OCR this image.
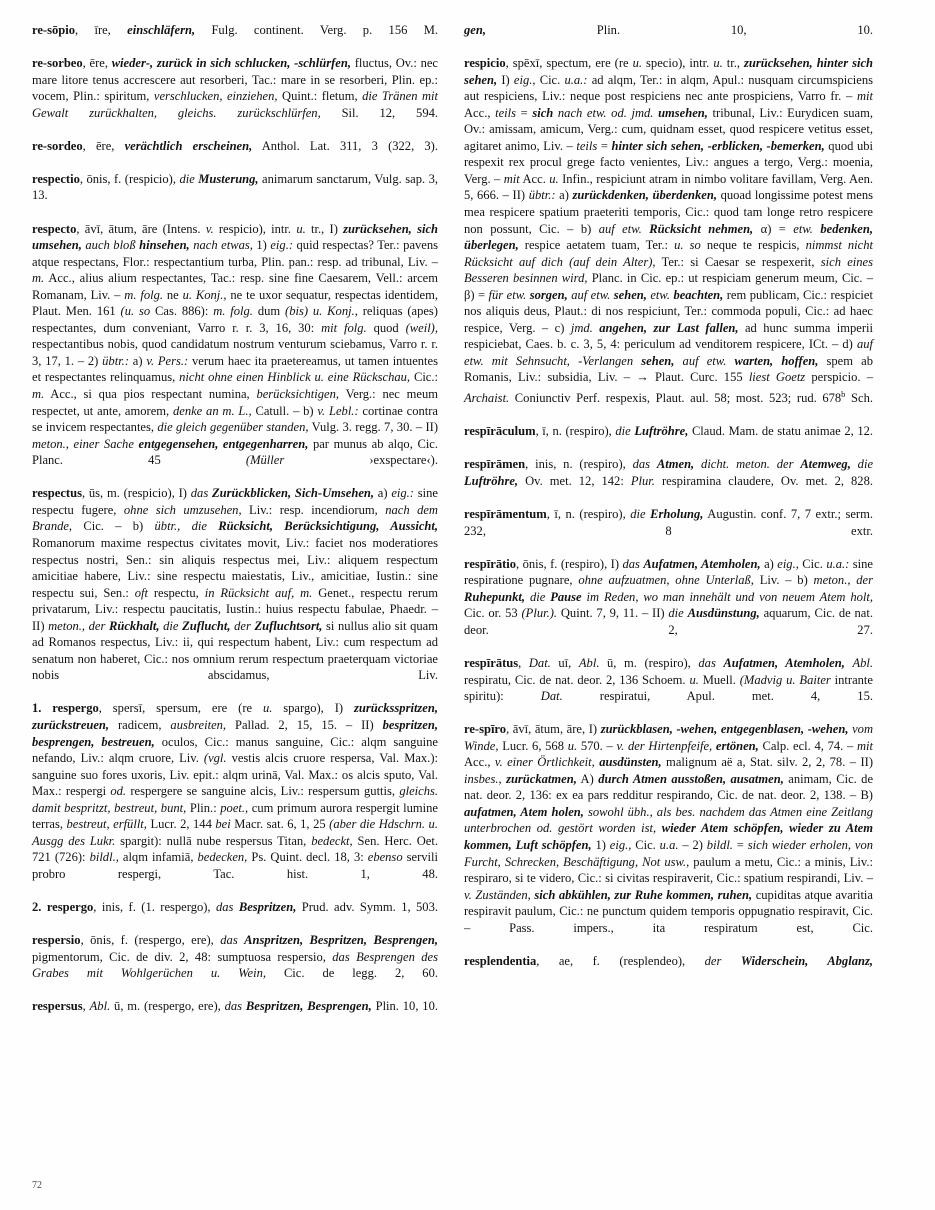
re-sōpio, īre, einschläfern, Fulg. continent. Verg. p. 156 M.

re-sorbeo, ēre, wieder-, zurück in sich schlucken, -schlürfen, fluctus, Ov.: nec mare litore tenus accrescere aut resorberi, Tac.: mare in se resorberi, Plin. ep.: vocem, Plin.: spiritum, verschlucken, einziehen, Quint.: fletum, die Tränen mit Gewalt zurückhalten, gleichs. zurückschlürfen, Sil. 12, 594.

re-sordeo, ēre, verächtlich erscheinen, Anthol. Lat. 311, 3 (322, 3).

respectio, ōnis, f. (respicio), die Musterung, animarum sanctarum, Vulg. sap. 3, 13.

respecto, āvī, ātum, āre (Intens. v. respicio), intr. u. tr., I) zurücksehen, sich umsehen, auch bloß hinsehen, nach etwas, 1) eig.: quid respectas? Ter.: pavens atque respectans, Flor.: respectantium turba, Plin. pan.: resp. ad tribunal, Liv. – m. Acc., alius alium respectantes, Tac.: resp. sine fine Caesarem, Vell.: arcem Romanam, Liv. – m. folg. ne u. Konj., ne te uxor sequatur, respectas identidem, Plaut. Men. 161 (u. so Cas. 886): m. folg. dum (bis) u. Konj., reliquas (apes) respectantes, dum conveniant, Varro r. r. 3, 16, 30: mit folg. quod (weil), respectantibus nobis, quod candidatum nostrum venturum sciebamus, Varro r. r. 3, 17, 1. – 2) übtr.: a) v. Pers.: verum haec ita praetereamus, ut tamen intuentes et respectantes relinquamus, nicht ohne einen Hinblick u. eine Rückschau, Cic.: m. Acc., si qua pios respectant numina, berücksichtigen, Verg.: nec meum respectet, ut ante, amorem, denke an m. L., Catull. – b) v. Lebl.: cortinae contra se invicem respectantes, die gleich gegenüber standen, Vulg. 3. regg. 7, 30. – II) meton., einer Sache entgegensehen, entgegenharren, par munus ab alqo, Cic. Planc. 45 (Müller ›exspectare‹).

respectus, ūs, m. (respicio), I) das Zurückblicken, Sich-Umsehen, a) eig.: sine respectu fugere, ohne sich umzusehen, Liv.: resp. incendiorum, nach dem Brande, Cic. – b) übtr., die Rücksicht, Berücksichtigung, Aussicht, Romanorum maxime respectus civitates movit, Liv.: faciet nos moderatiores respectus nostri, Sen.: sin aliquis respectus mei, Liv.: aliquem respectum amicitiae habere, Liv.: sine respectu maiestatis, Liv., amicitiae, Iustin.: sine respectu sui, Sen.: oft respectu, in Rücksicht auf, m. Genet., respectu rerum privatarum, Liv.: respectu paucitatis, Iustin.: huius respectu fabulae, Phaedr. – II) meton., der Rückhalt, die Zuflucht, der Zufluchtsort, si nullus alio sit quam ad Romanos respectus, Liv.: ii, qui respectum habent, Liv.: cum respectum ad senatum non haberet, Cic.: nos omnium rerum respectum praeterquam victoriae nobis abscidamus, Liv.

1. respergo, spersī, spersum, ere (re u. spargo), I) zurücksspritzen, zurückstreuen, radicem, ausbreiten, Pallad. 2, 15, 15. – II) bespritzen, besprengen, bestreuen, oculos, Cic.: manus sanguine, Cic.: alqm sanguine nefando, Liv.: alqm cruore, Liv. (vgl. vestis alcis cruore respersa, Val. Max.): sanguine suo fores uxoris, Liv. epit.: alqm urinā, Val. Max.: os alcis sputo, Val. Max.: respergi od. respergere se sanguine alcis, Liv.: respersum guttis, gleichs. damit bespritzt, bestreut, bunt, Plin.: poet., cum primum aurora respergit lumine terras, bestreut, erfüllt, Lucr. 2, 144 bei Macr. sat. 6, 1, 25 (aber die Hdschrn. u. Ausgg des Lukr. spargit): nullā nube respersus Titan, bedeckt, Sen. Herc. Oet. 721 (726): bildl., alqm infamiā, bedecken, Ps. Quint. decl. 18, 3: ebenso servili probro respergi, Tac. hist. 1, 48.

2. respergo, inis, f. (1. respergo), das Bespritzen, Prud. adv. Symm. 1, 503.

respersio, ōnis, f. (respergo, ere), das Anspritzen, Bespritzen, Besprengen, pigmentorum, Cic. de div. 2, 48: sumptuosa respersio, das Besprengen des Grabes mit Wohlgerüchen u. Wein, Cic. de legg. 2, 60.

respersus, Abl. ū, m. (respergo, ere), das Bespritzen, Besprengen, Plin. 10, 10.

gen, Plin. 10, 10.

respicio, spēxī, spectum, ere (re u. specio), intr. u. tr., zurücksehen, hinter sich sehen, I) eig., Cic. u.a.: ad alqm, Ter.: in alqm, Apul.: nusquam circumspiciens aut respiciens, Liv.: neque post respiciens nec ante prospiciens, Varro fr. – mit Acc., teils = sich nach etw. od. jmd. umsehen, tribunal, Liv.: Eurydicen suam, Ov.: amissam, amicum, Verg.: cum, quidnam esset, quod respicere vetitus esset, agitaret animo, Liv. – teils = hinter sich sehen, -erblicken, -bemerken, quod ubi respexit rex procul grege facto venientes, Liv.: angues a tergo, Verg.: moenia, Verg. – mit Acc. u. Infin., respiciunt atram in nimbo volitare favillam, Verg. Aen. 5, 666. – II) übtr.: a) zurückdenken, überdenken, quoad longissime potest mens mea respicere spatium praeteriti temporis, Cic.: quod tam longe retro respicere non possunt, Cic. – b) auf etw. Rücksicht nehmen, α) = etw. bedenken, überlegen, respice aetatem tuam, Ter.: u. so neque te respicis, nimmst nicht Rücksicht auf dich (auf dein Alter), Ter.: si Caesar se respexerit, sich eines Besseren besinnen wird, Planc. in Cic. ep.: ut respiciam generum meum, Cic. – β) = für etw. sorgen, auf etw. sehen, etw. beachten, rem publicam, Cic.: respiciet nos aliquis deus, Plaut.: di nos respiciunt, Ter.: commoda populi, Cic.: ad haec respice, Verg. – c) jmd. angehen, zur Last fallen, ad hunc summa imperii respiciebat, Caes. b. c. 3, 5, 4: periculum ad venditorem respicere, ICt. – d) auf etw. mit Sehnsucht, -Verlangen sehen, auf etw. warten, hoffen, spem ab Romanis, Liv.: subsidia, Liv. – → Plaut. Curc. 155 liest Goetz perspicio. – Archaist. Coniunctiv Perf. respexis, Plaut. aul. 58; most. 523; rud. 678$^b$ Sch.

respīrāculum, ī, n. (respiro), die Luftröhre, Claud. Mam. de statu animae 2, 12.

respīrāmen, inis, n. (respiro), das Atmen, dicht. meton. der Atemweg, die Luftröhre, Ov. met. 12, 142: Plur. respiramina claudere, Ov. met. 2, 828.

respīrāmentum, ī, n. (respiro), die Erholung, Augustin. conf. 7, 7 extr.; serm. 232, 8 extr.

respīrātio, ōnis, f. (respiro), I) das Aufatmen, Atemholen, a) eig., Cic. u.a.: sine respiratione pugnare, ohne aufzuatmen, ohne Unterlaß, Liv. – b) meton., der Ruhepunkt, die Pause im Reden, wo man innehält und von neuem Atem holt, Cic. or. 53 (Plur.). Quint. 7, 9, 11. – II) die Ausdünstung, aquarum, Cic. de nat. deor. 2, 27.

respīrātus, Dat. uī, Abl. ū, m. (respiro), das Aufatmen, Atemholen, Abl. respiratu, Cic. de nat. deor. 2, 136 Schoem. u. Muell. (Madvig u. Baiter intrante spiritu): Dat. respiratui, Apul. met. 4, 15.

re-spīro, āvī, ātum, āre, I) zurückblasen, -wehen, entgegenblasen, -wehen, vom Winde, Lucr. 6, 568 u. 570. – v. der Hirtenpfeife, ertönen, Calp. ecl. 4, 74. – mit Acc., v. einer Örtlichkeit, ausdünsten, malignum aë a, Stat. silv. 2, 2, 78. – II) insbes., zurückatmen, A) durch Atmen ausstoßen, ausatmen, animam, Cic. de nat. deor. 2, 136: ex ea pars redditur respirando, Cic. de nat. deor. 2, 138. – B) aufatmen, Atem holen, sowohl übh., als bes. nachdem das Atmen eine Zeitlang unterbrochen od. gestört worden ist, wieder Atem schöpfen, wieder zu Atem kommen, Luft schöpfen, 1) eig., Cic. u.a. – 2) bildl. = sich wieder erholen, von Furcht, Schrecken, Beschäftigung, Not usw., paulum a metu, Cic.: a minis, Liv.: respiraro, si te videro, Cic.: si civitas respiraverit, Cic.: spatium respirandi, Liv. – v. Zuständen, sich abkühlen, zur Ruhe kommen, ruhen, cupiditas atque avaritia respiravit paulum, Cic.: ne punctum quidem temporis oppugnatio respiravit, Cic. – Pass. impers., ita respiratum est, Cic.

resplendentia, ae, f. (resplendeo), der Widerschein, Abglanz,

72
